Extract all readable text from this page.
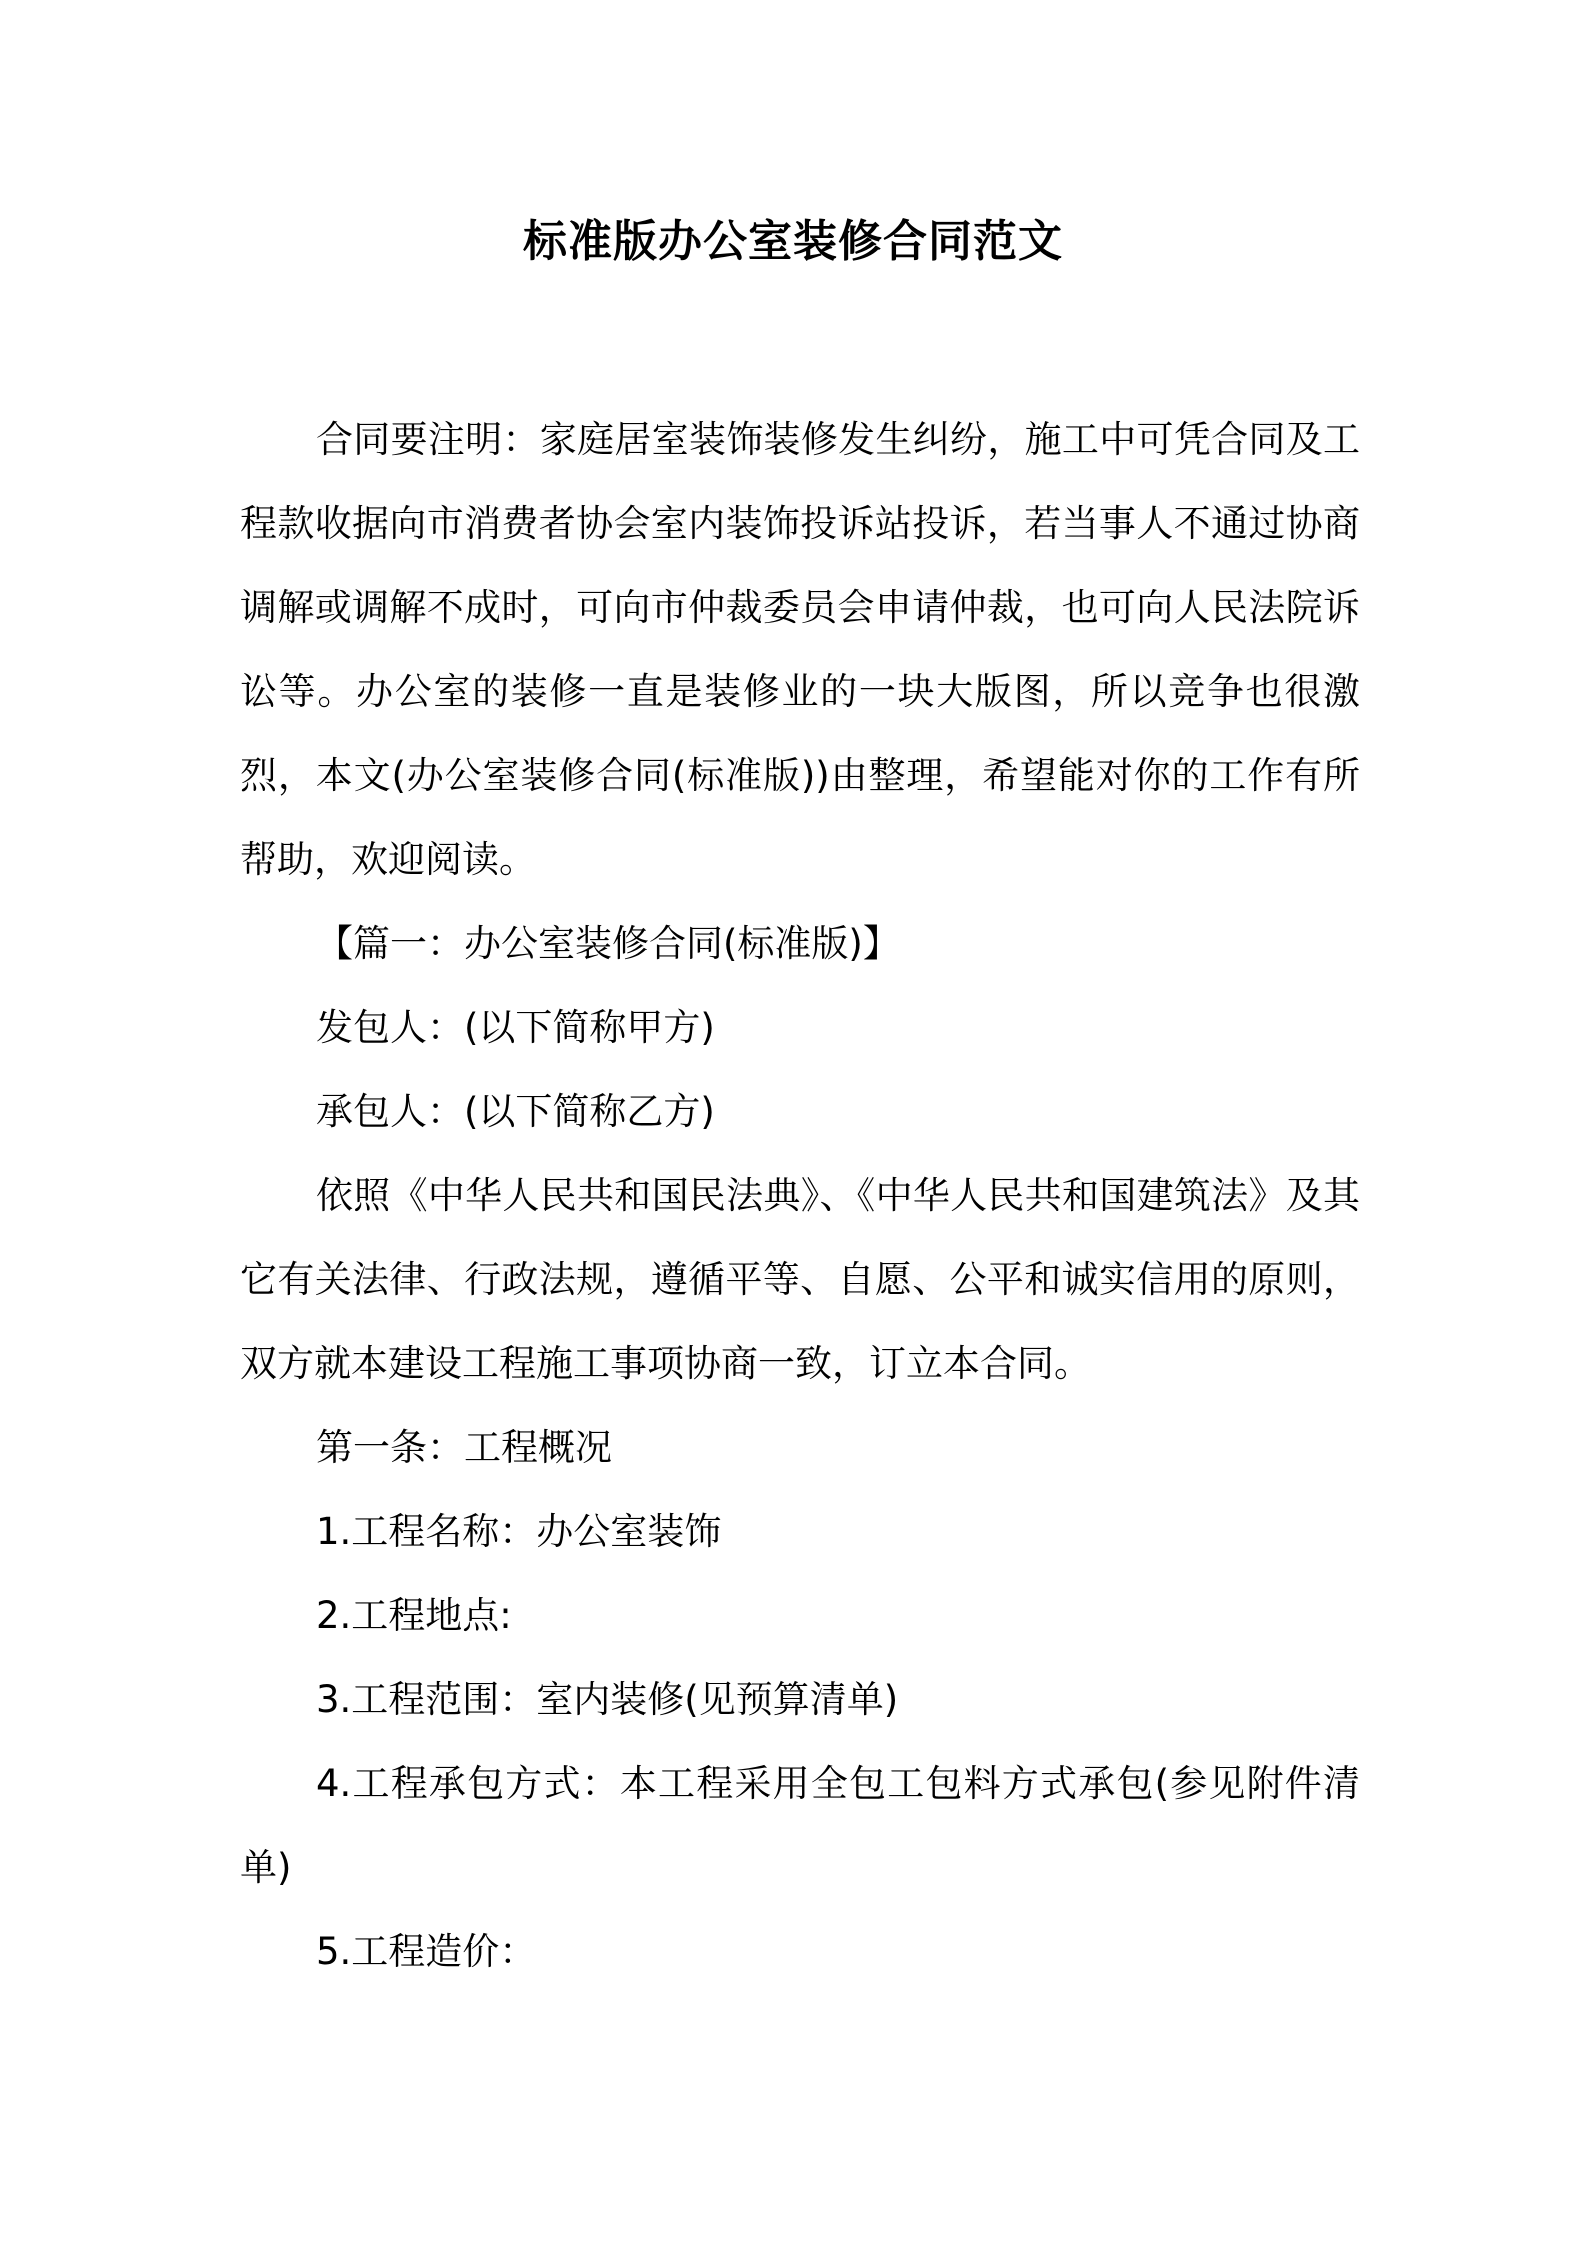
标准版办公室装修合同范文

合同要注明：家庭居室装饰装修发生纠纷，施工中可凭合同及工程款收据向市消费者协会室内装饰投诉站投诉，若当事人不通过协商调解或调解不成时，可向市仲裁委员会申请仲裁，也可向人民法院诉讼等。办公室的装修一直是装修业的一块大版图，所以竞争也很激烈，本文(办公室装修合同(标准版))由整理，希望能对你的工作有所帮助，欢迎阅读。

【篇一：办公室装修合同(标准版)】

发包人：(以下简称甲方)

承包人：(以下简称乙方)

依照《中华人民共和国民法典》、《中华人民共和国建筑法》及其它有关法律、行政法规，遵循平等、自愿、公平和诚实信用的原则，双方就本建设工程施工事项协商一致，订立本合同。

第一条：工程概况

1.工程名称：办公室装饰

2.工程地点:

3.工程范围：室内装修(见预算清单)

4.工程承包方式：本工程采用全包工包料方式承包(参见附件清单)

5.工程造价：
